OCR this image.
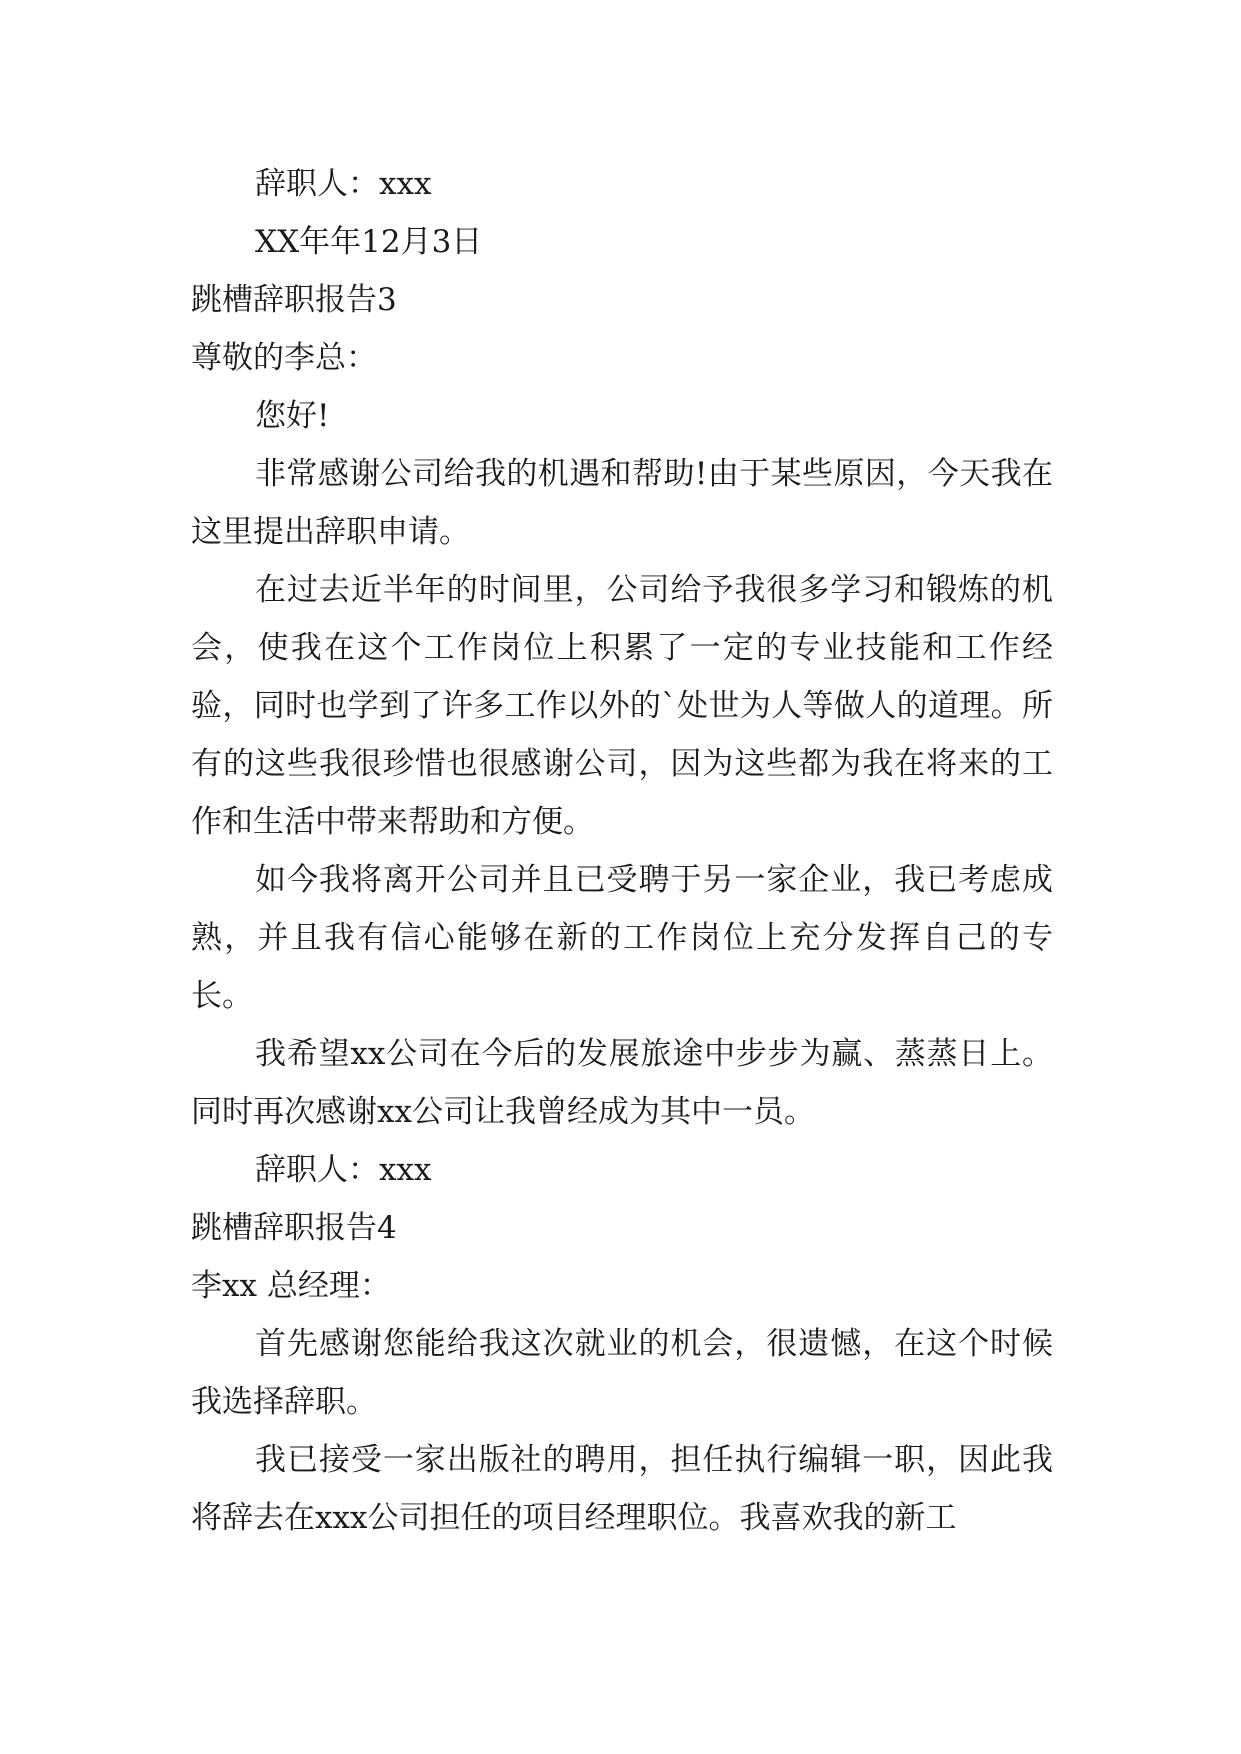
辞职人：xxx
XX年年12月3日
跳槽辞职报告3
尊敬的李总：
您好!

非常感谢公司给我的机遇和帮助!由于某些原因，今天我在这里提出辞职申请。

在过去近半年的时间里，公司给予我很多学习和锻炼的机会，使我在这个工作岗位上积累了一定的专业技能和工作经验，同时也学到了许多工作以外的`处世为人等做人的道理。所有的这些我很珍惜也很感谢公司，因为这些都为我在将来的工作和生活中带来帮助和方便。

如今我将离开公司并且已受聘于另一家企业，我已考虑成熟，并且我有信心能够在新的工作岗位上充分发挥自己的专长。

我希望xx公司在今后的发展旅途中步步为赢、蒸蒸日上。同时再次感谢xx公司让我曾经成为其中一员。

辞职人：xxx
跳槽辞职报告4
李xx 总经理：

首先感谢您能给我这次就业的机会，很遗憾，在这个时候我选择辞职。

我已接受一家出版社的聘用，担任执行编辑一职，因此我将辞去在xxx公司担任的项目经理职位。我喜欢我的新工
